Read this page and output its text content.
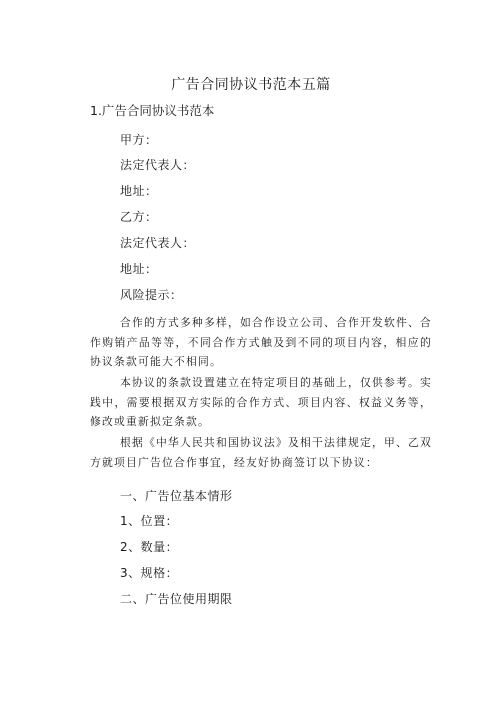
广告合同协议书范本五篇
1.广告合同协议书范本
甲方：
法定代表人：
地址：
乙方：
法定代表人：
地址：
风险提示：
合作的方式多种多样，如合作设立公司、合作开发软件、合作购销产品等等，不同合作方式触及到不同的项目内容，相应的协议条款可能大不相同。
本协议的条款设置建立在特定项目的基础上，仅供参考。实践中，需要根据双方实际的合作方式、项目内容、权益义务等，修改或重新拟定条款。
根据《中华人民共和国协议法》及相干法律规定，甲、乙双方就项目广告位合作事宜，经友好协商签订以下协议：
一、广告位基本情形
1、位置：
2、数量：
3、规格：
二、广告位使用期限
